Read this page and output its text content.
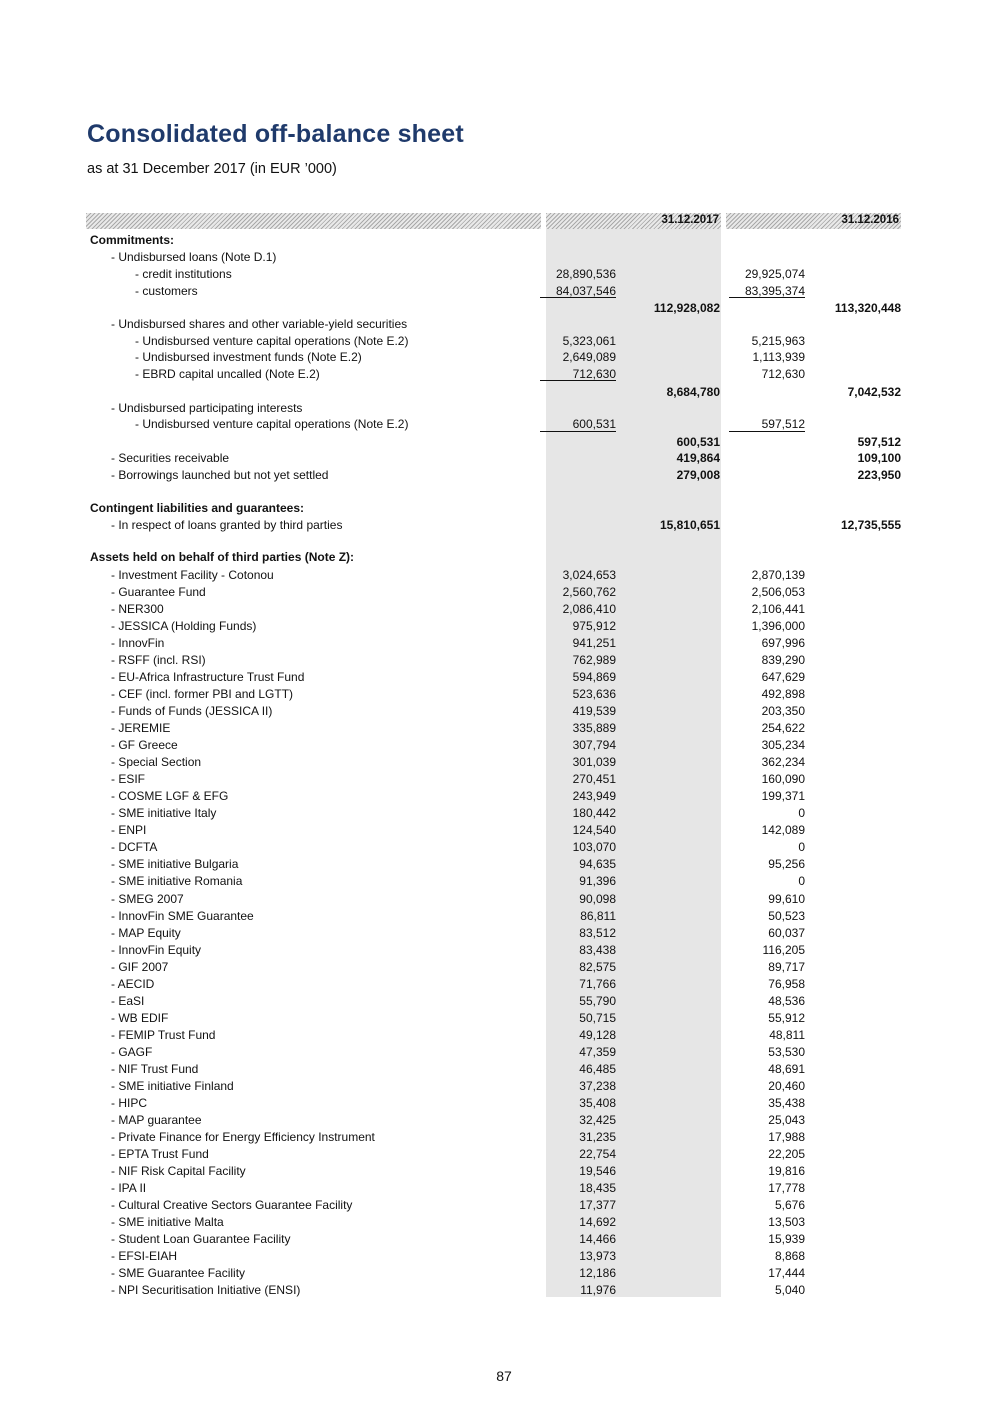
Consolidated off-balance sheet
as at 31 December 2017 (in EUR ’000)
31.12.2017	31.12.2016
Commitments:
- Undisbursed loans (Note D.1)
- credit institutions	28,890,536	29,925,074
- customers	84,037,546	83,395,374
112,928,082	113,320,448
- Undisbursed shares and other variable-yield securities
- Undisbursed venture capital operations (Note E.2)	5,323,061	5,215,963
- Undisbursed investment funds (Note E.2)	2,649,089	1,113,939
- EBRD capital uncalled (Note E.2)	712,630	712,630
8,684,780	7,042,532
- Undisbursed participating interests
- Undisbursed venture capital operations (Note E.2)	600,531	597,512
600,531	597,512
- Securities receivable	419,864	109,100
- Borrowings launched but not yet settled	279,008	223,950
Contingent liabilities and guarantees:
- In respect of loans granted by third parties	15,810,651	12,735,555
Assets held on behalf of third parties (Note Z):
- Investment Facility - Cotonou	3,024,653	2,870,139
- Guarantee Fund	2,560,762	2,506,053
- NER300	2,086,410	2,106,441
- JESSICA (Holding Funds)	975,912	1,396,000
- InnovFin	941,251	697,996
- RSFF (incl. RSI)	762,989	839,290
- EU-Africa Infrastructure Trust Fund	594,869	647,629
- CEF (incl. former PBI and LGTT)	523,636	492,898
- Funds of Funds (JESSICA II)	419,539	203,350
- JEREMIE	335,889	254,622
- GF Greece	307,794	305,234
- Special Section	301,039	362,234
- ESIF	270,451	160,090
- COSME LGF & EFG	243,949	199,371
- SME initiative Italy	180,442	0
- ENPI	124,540	142,089
- DCFTA	103,070	0
- SME initiative Bulgaria	94,635	95,256
- SME initiative Romania	91,396	0
- SMEG 2007	90,098	99,610
- InnovFin SME Guarantee	86,811	50,523
- MAP Equity	83,512	60,037
- InnovFin Equity	83,438	116,205
- GIF 2007	82,575	89,717
- AECID	71,766	76,958
- EaSI	55,790	48,536
- WB EDIF	50,715	55,912
- FEMIP Trust Fund	49,128	48,811
- GAGF	47,359	53,530
- NIF Trust Fund	46,485	48,691
- SME initiative Finland	37,238	20,460
- HIPC	35,408	35,438
- MAP guarantee	32,425	25,043
- Private Finance for Energy Efficiency Instrument	31,235	17,988
- EPTA Trust Fund	22,754	22,205
- NIF Risk Capital Facility	19,546	19,816
- IPA II	18,435	17,778
- Cultural Creative Sectors Guarantee Facility	17,377	5,676
- SME initiative Malta	14,692	13,503
- Student Loan Guarantee Facility	14,466	15,939
- EFSI-EIAH	13,973	8,868
- SME Guarantee Facility	12,186	17,444
- NPI Securitisation Initiative (ENSI)	11,976	5,040
87
